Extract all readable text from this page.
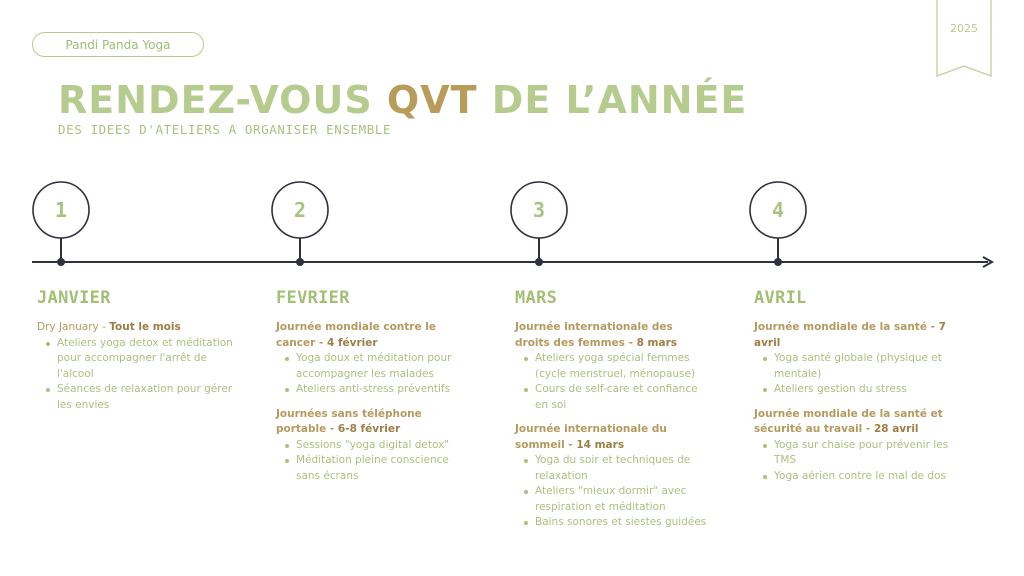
Pandi Panda Yoga
2025
RENDEZ-VOUS QVT DE L’ANNÉE
DES IDEES D'ATELIERS A ORGANISER ENSEMBLE
1	2	3	4
JANVIER
Dry January - Tout le mois
Ateliers yoga detox et méditation pour accompagner l'arrêt de l'alcool
Séances de relaxation pour gérer les envies
FEVRIER
Journée mondiale contre le cancer - 4 février
Yoga doux et méditation pour accompagner les malades
Ateliers anti-stress préventifs
Journées sans téléphone portable - 6-8 février
Sessions "yoga digital detox"
Méditation pleine conscience sans écrans
MARS
Journée internationale des droits des femmes - 8 mars
Ateliers yoga spécial femmes (cycle menstruel, ménopause)
Cours de self-care et confiance en soi
Journée internationale du sommeil - 14 mars
Yoga du soir et techniques de relaxation
Ateliers "mieux dormir" avec respiration et méditation
Bains sonores et siestes guidées
AVRIL
Journée mondiale de la santé - 7 avril
Yoga santé globale (physique et mentale)
Ateliers gestion du stress
Journée mondiale de la santé et sécurité au travail - 28 avril
Yoga sur chaise pour prévenir les TMS
Yoga aérien contre le mal de dos
